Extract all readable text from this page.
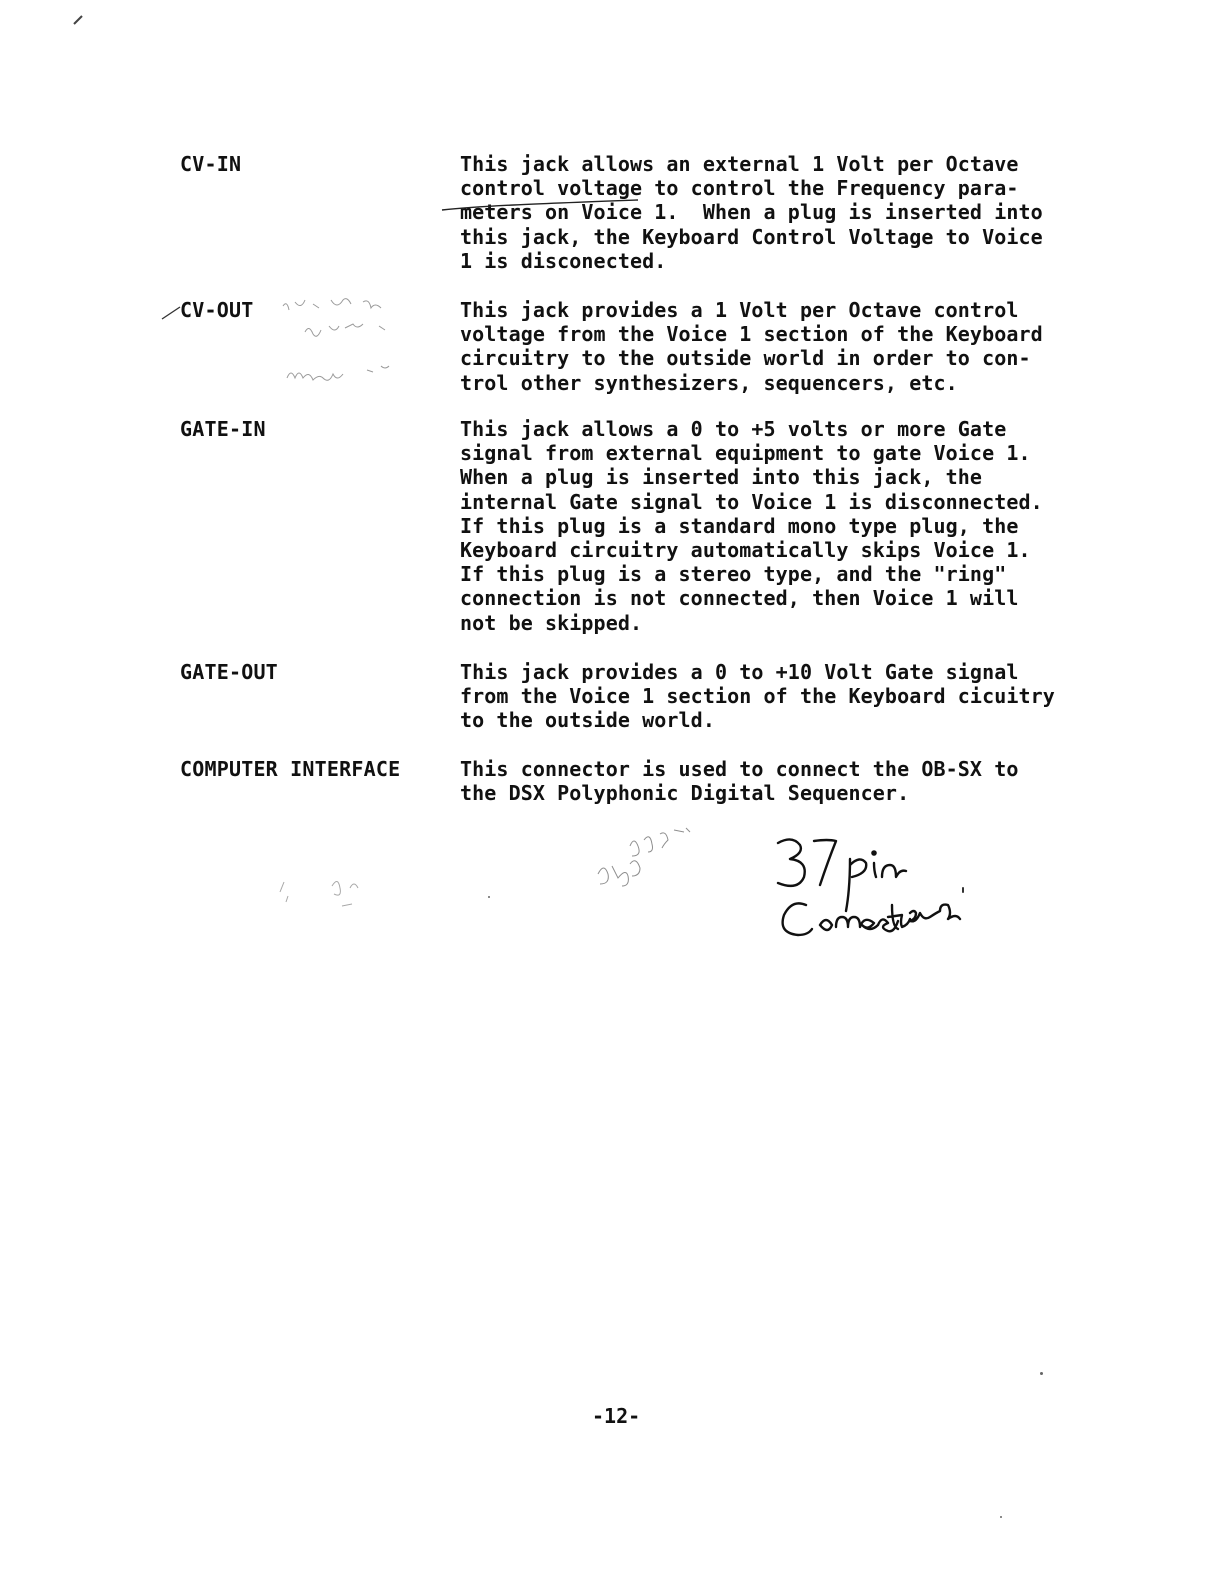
CV-IN	This jack allows an external 1 Volt per Octave
control voltage to control the Frequency para-
meters on Voice 1.  When a plug is inserted into
this jack, the Keyboard Control Voltage to Voice
1 is disconected.
CV-OUT	This jack provides a 1 Volt per Octave control
voltage from the Voice 1 section of the Keyboard
circuitry to the outside world in order to con-
trol other synthesizers, sequencers, etc.
GATE-IN	This jack allows a 0 to +5 volts or more Gate
signal from external equipment to gate Voice 1.
When a plug is inserted into this jack, the
internal Gate signal to Voice 1 is disconnected.
If this plug is a standard mono type plug, the
Keyboard circuitry automatically skips Voice 1.
If this plug is a stereo type, and the "ring"
connection is not connected, then Voice 1 will
not be skipped.
GATE-OUT	This jack provides a 0 to +10 Volt Gate signal
from the Voice 1 section of the Keyboard cicuitry
to the outside world.
COMPUTER INTERFACE	This connector is used to connect the OB-SX to
the DSX Polyphonic Digital Sequencer.
-12-
